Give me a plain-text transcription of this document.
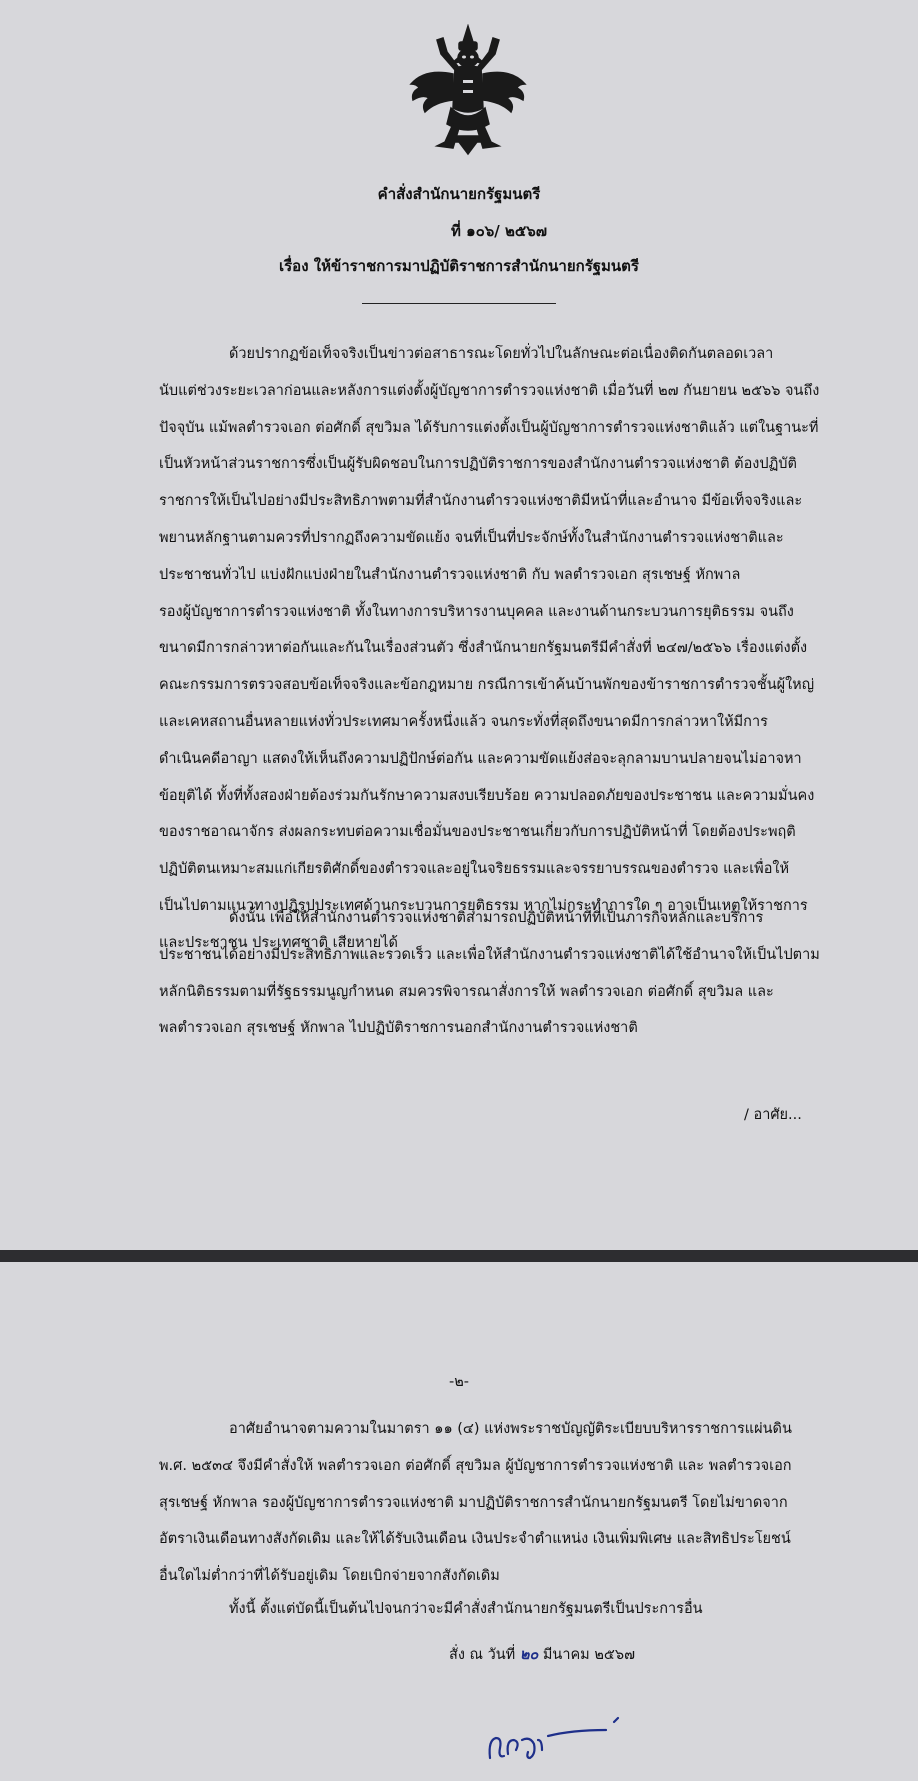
คำสั่งสำนักนายกรัฐมนตรี
ที่ ๑๐๖/ ๒๕๖๗
เรื่อง ให้ข้าราชการมาปฏิบัติราชการสำนักนายกรัฐมนตรี
ด้วยปรากฏข้อเท็จจริงเป็นข่าวต่อสาธารณะโดยทั่วไปในลักษณะต่อเนื่องติดกันตลอดเวลา
นับแต่ช่วงระยะเวลาก่อนและหลังการแต่งตั้งผู้บัญชาการตำรวจแห่งชาติ เมื่อวันที่ ๒๗ กันยายน ๒๕๖๖ จนถึง
ปัจจุบัน แม้พลตำรวจเอก ต่อศักดิ์ สุขวิมล ได้รับการแต่งตั้งเป็นผู้บัญชาการตำรวจแห่งชาติแล้ว แต่ในฐานะที่
เป็นหัวหน้าส่วนราชการซึ่งเป็นผู้รับผิดชอบในการปฏิบัติราชการของสำนักงานตำรวจแห่งชาติ ต้องปฏิบัติ
ราชการให้เป็นไปอย่างมีประสิทธิภาพตามที่สำนักงานตำรวจแห่งชาติมีหน้าที่และอำนาจ มีข้อเท็จจริงและ
พยานหลักฐานตามควรที่ปรากฏถึงความขัดแย้ง จนที่เป็นที่ประจักษ์ทั้งในสำนักงานตำรวจแห่งชาติและ
ประชาชนทั่วไป แบ่งฝักแบ่งฝ่ายในสำนักงานตำรวจแห่งชาติ กับ พลตำรวจเอก สุรเชษฐ์ หักพาล
รองผู้บัญชาการตำรวจแห่งชาติ ทั้งในทางการบริหารงานบุคคล และงานด้านกระบวนการยุติธรรม จนถึง
ขนาดมีการกล่าวหาต่อกันและกันในเรื่องส่วนตัว ซึ่งสำนักนายกรัฐมนตรีมีคำสั่งที่ ๒๔๗/๒๕๖๖ เรื่องแต่งตั้ง
คณะกรรมการตรวจสอบข้อเท็จจริงและข้อกฎหมาย กรณีการเข้าค้นบ้านพักของข้าราชการตำรวจชั้นผู้ใหญ่
และเคหสถานอื่นหลายแห่งทั่วประเทศมาครั้งหนึ่งแล้ว จนกระทั่งที่สุดถึงขนาดมีการกล่าวหาให้มีการ
ดำเนินคดีอาญา แสดงให้เห็นถึงความปฏิปักษ์ต่อกัน และความขัดแย้งส่อจะลุกลามบานปลายจนไม่อาจหา
ข้อยุติได้ ทั้งที่ทั้งสองฝ่ายต้องร่วมกันรักษาความสงบเรียบร้อย ความปลอดภัยของประชาชน และความมั่นคง
ของราชอาณาจักร ส่งผลกระทบต่อความเชื่อมั่นของประชาชนเกี่ยวกับการปฏิบัติหน้าที่ โดยต้องประพฤติ
ปฏิบัติตนเหมาะสมแก่เกียรติศักดิ์ของตำรวจและอยู่ในจริยธรรมและจรรยาบรรณของตำรวจ และเพื่อให้
เป็นไปตามแนวทางปฏิรูปประเทศด้านกระบวนการยุติธรรม หากไม่กระทำการใด ๆ อาจเป็นเหตุให้ราชการ
และประชาชน ประเทศชาติ เสียหายได้
ดังนั้น เพื่อให้สำนักงานตำรวจแห่งชาติสามารถปฏิบัติหน้าที่ที่เป็นภารกิจหลักและบริการ
ประชาชนได้อย่างมีประสิทธิภาพและรวดเร็ว และเพื่อให้สำนักงานตำรวจแห่งชาติได้ใช้อำนาจให้เป็นไปตาม
หลักนิติธรรมตามที่รัฐธรรมนูญกำหนด สมควรพิจารณาสั่งการให้ พลตำรวจเอก ต่อศักดิ์ สุขวิมล และ
พลตำรวจเอก สุรเชษฐ์ หักพาล ไปปฏิบัติราชการนอกสำนักงานตำรวจแห่งชาติ
/ อาศัย...
-๒-
อาศัยอำนาจตามความในมาตรา ๑๑ (๔) แห่งพระราชบัญญัติระเบียบบริหารราชการแผ่นดิน
พ.ศ. ๒๕๓๔ จึงมีคำสั่งให้ พลตำรวจเอก ต่อศักดิ์ สุขวิมล ผู้บัญชาการตำรวจแห่งชาติ และ พลตำรวจเอก
สุรเชษฐ์ หักพาล รองผู้บัญชาการตำรวจแห่งชาติ มาปฏิบัติราชการสำนักนายกรัฐมนตรี โดยไม่ขาดจาก
อัตราเงินเดือนทางสังกัดเดิม และให้ได้รับเงินเดือน เงินประจำตำแหน่ง เงินเพิ่มพิเศษ และสิทธิประโยชน์
อื่นใดไม่ต่ำกว่าที่ได้รับอยู่เดิม โดยเบิกจ่ายจากสังกัดเดิม
ทั้งนี้ ตั้งแต่บัดนี้เป็นต้นไปจนกว่าจะมีคำสั่งสำนักนายกรัฐมนตรีเป็นประการอื่น
สั่ง ณ วันที่ ๒๐ มีนาคม ๒๕๖๗
